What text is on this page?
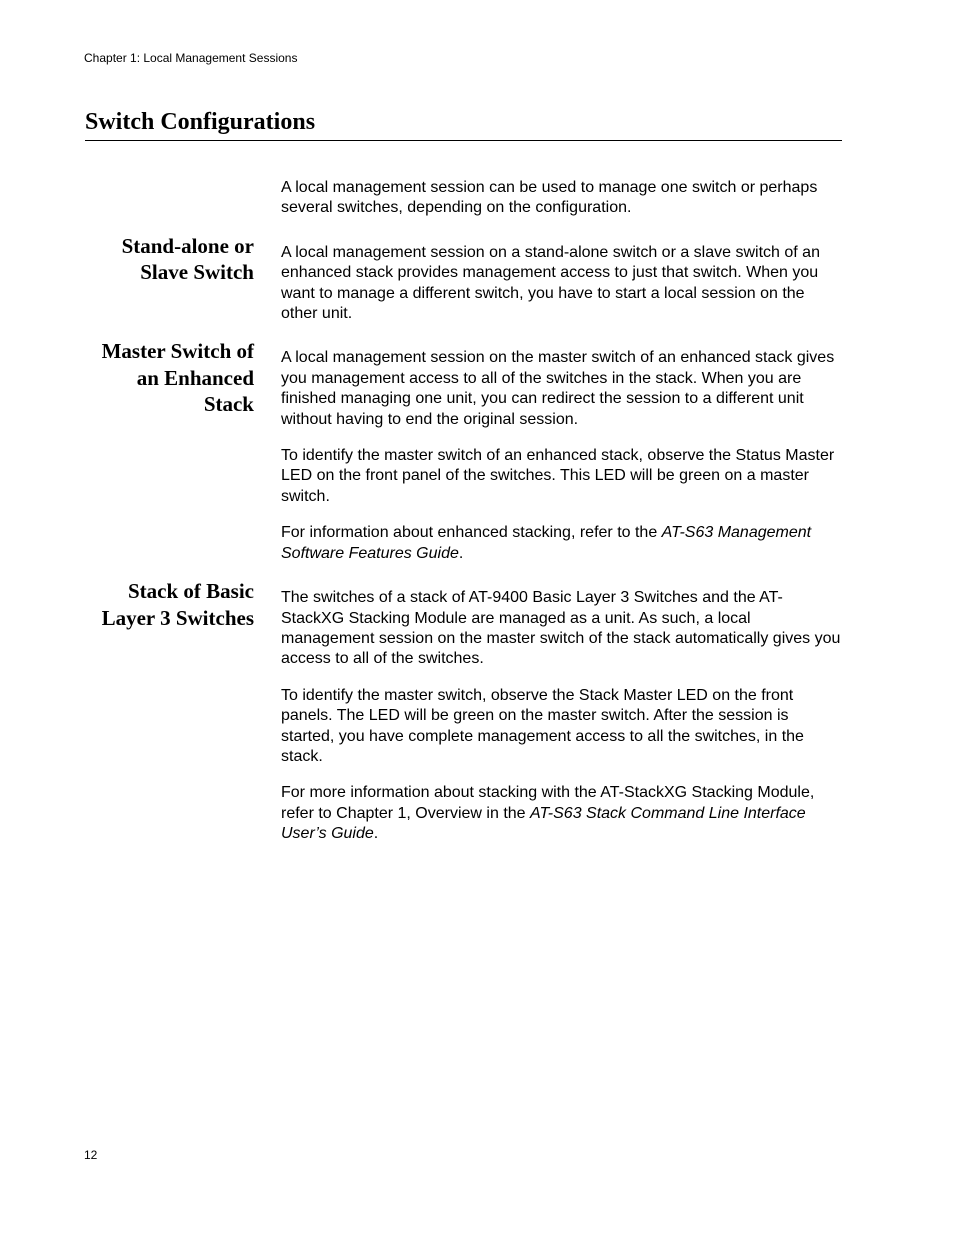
Chapter 1: Local Management Sessions
Switch Configurations

A local management session can be used to manage one switch or perhaps several switches, depending on the configuration.

Stand-alone or
Slave Switch

A local management session on a stand-alone switch or a slave switch of an enhanced stack provides management access to just that switch. When you want to manage a different switch, you have to start a local session on the other unit.

Master Switch of
an Enhanced
Stack

A local management session on the master switch of an enhanced stack gives you management access to all of the switches in the stack. When you are finished managing one unit, you can redirect the session to a different unit without having to end the original session.

To identify the master switch of an enhanced stack, observe the Status Master LED on the front panel of the switches. This LED will be green on a master switch.

For information about enhanced stacking, refer to the AT-S63 Management Software Features Guide.

Stack of Basic
Layer 3 Switches

The switches of a stack of AT-9400 Basic Layer 3 Switches and the AT-StackXG Stacking Module are managed as a unit. As such, a local management session on the master switch of the stack automatically gives you access to all of the switches.

To identify the master switch, observe the Stack Master LED on the front panels. The LED will be green on the master switch. After the session is started, you have complete management access to all the switches, in the stack.

For more information about stacking with the AT-StackXG Stacking Module, refer to Chapter 1, Overview in the AT-S63 Stack Command Line Interface User’s Guide.

12
